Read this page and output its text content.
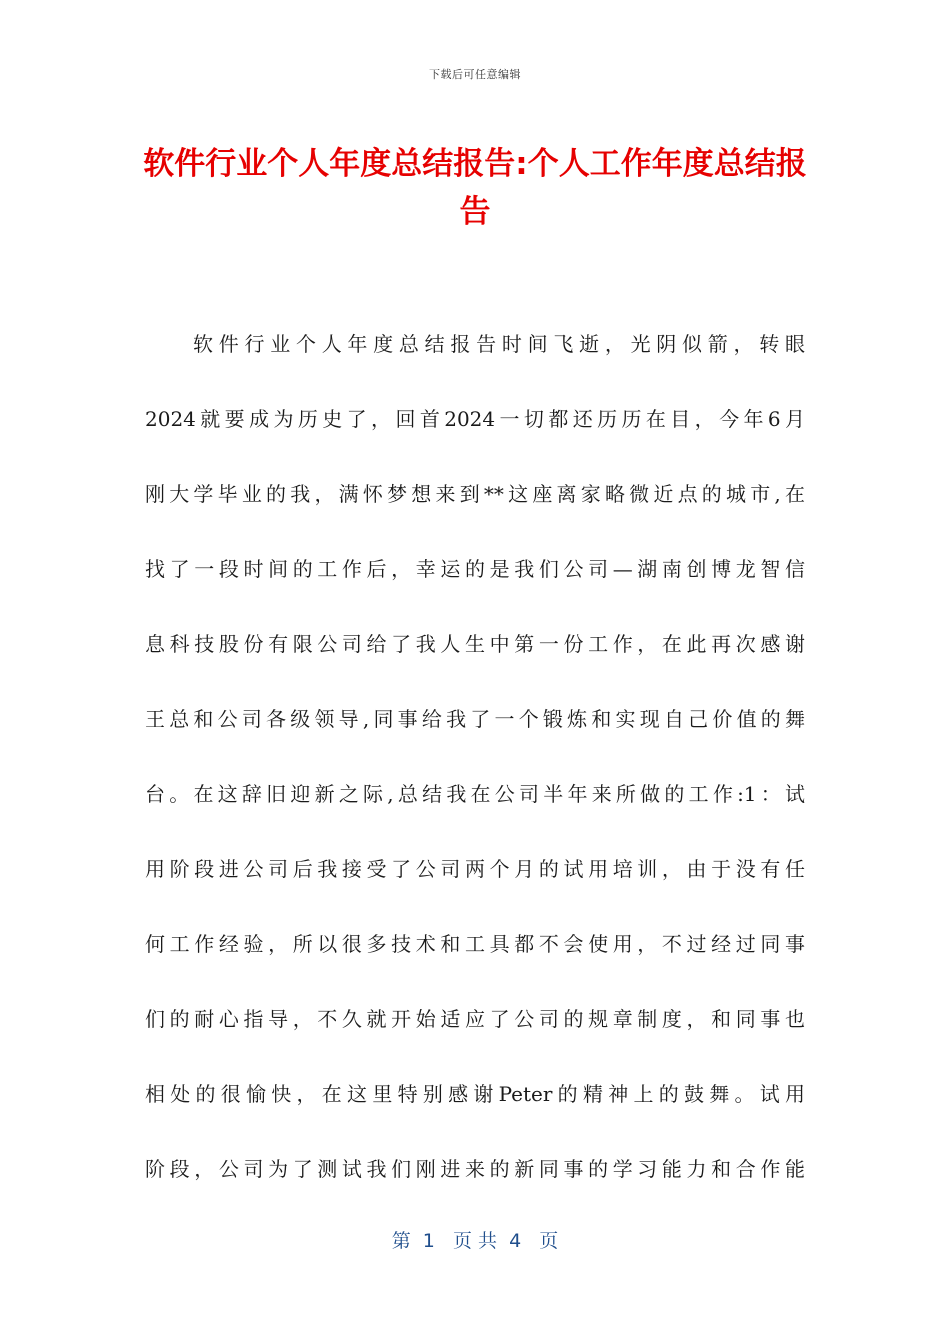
下载后可任意编辑
软件行业个人年度总结报告:个人工作年度总结报告
软件行业个人年度总结报告时间飞逝，光阴似箭，转眼
2024就要成为历史了，回首2024一切都还历历在目，今年6月
刚大学毕业的我，满怀梦想来到**这座离家略微近点的城市,在
找了一段时间的工作后，幸运的是我们公司—湖南创博龙智信
息科技股份有限公司给了我人生中第一份工作，在此再次感谢
王总和公司各级领导,同事给我了一个锻炼和实现自己价值的舞
台。在这辞旧迎新之际,总结我在公司半年来所做的工作:1：试
用阶段进公司后我接受了公司两个月的试用培训，由于没有任
何工作经验，所以很多技术和工具都不会使用，不过经过同事
们的耐心指导，不久就开始适应了公司的规章制度，和同事也
相处的很愉快，在这里特别感谢Peter的精神上的鼓舞。试用
阶段，公司为了测试我们刚进来的新同事的学习能力和合作能
第  1   页 共  4   页
